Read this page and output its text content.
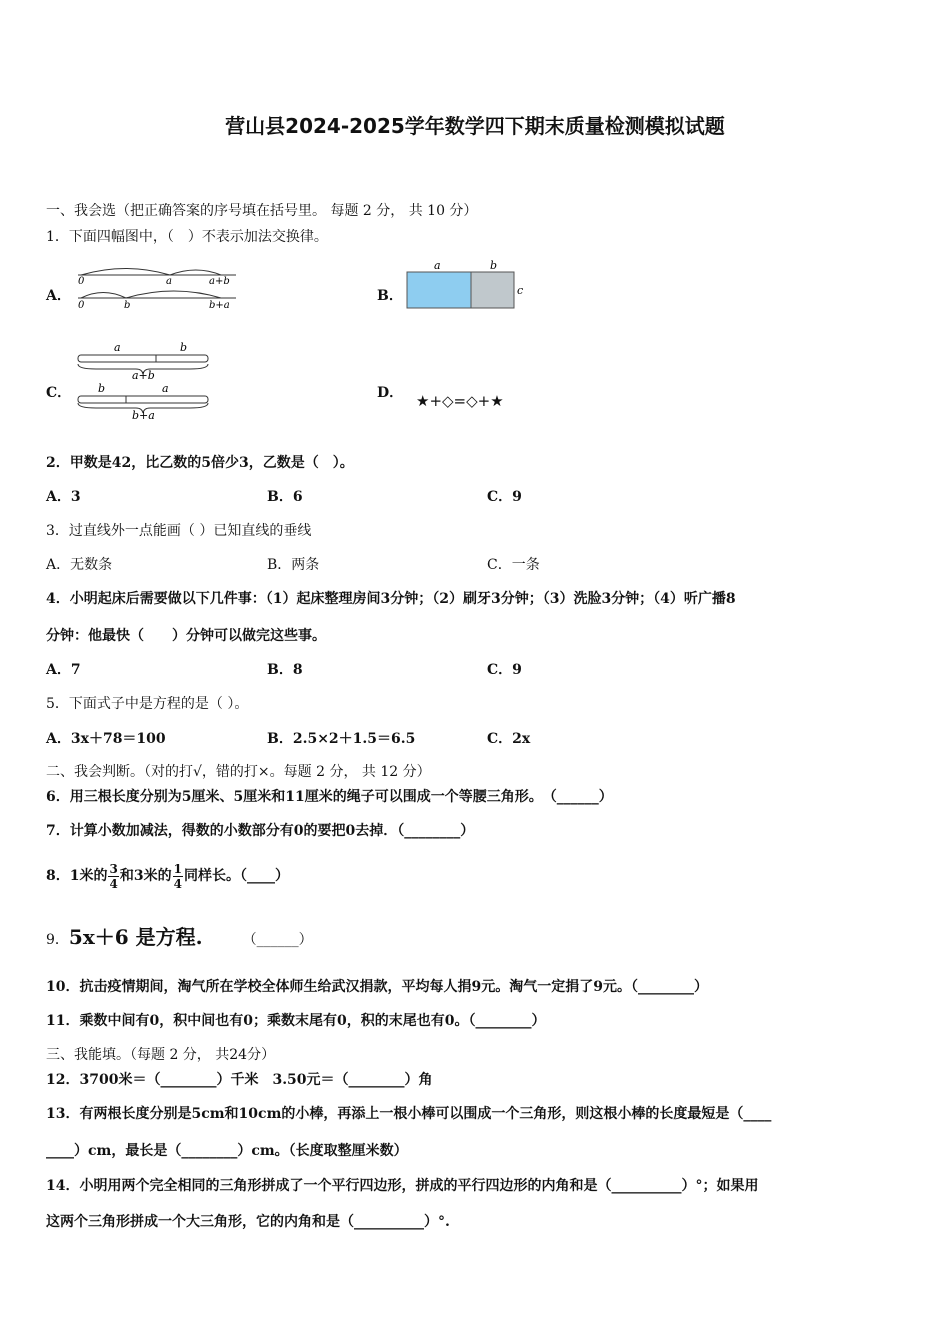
营山县2024-2025学年数学四下期末质量检测模拟试题
一、我会选（把正确答案的序号填在括号里。 每题 2 分， 共 10 分）
1．下面四幅图中，（　）不表示加法交换律。
A．
0	a	a+b
0	b	b+a
B．
a	b
c
C．
a	b
a+b
b	a
b+a
D． ★+◇=◇+★
2．甲数是42，比乙数的5倍少3，乙数是（　）。
A．3	B．6	C．9
3．过直线外一点能画（ ）已知直线的垂线
A．无数条	B．两条	C．一条
4．小明起床后需要做以下几件事：（1）起床整理房间3分钟；（2）刷牙3分钟；（3）洗脸3分钟；（4）听广播8
分钟：他最快（　　）分钟可以做完这些事。
A．7	B．8	C．9
5．下面式子中是方程的是（ ）。
A．3x＋78＝100	B．2.5×2＋1.5＝6.5	C．2x
二、我会判断。（对的打√，错的打×。每题 2 分， 共 12 分）
6．用三根长度分别为5厘米、5厘米和11厘米的绳子可以围成一个等腰三角形。　（______）
7．计算小数加减法，得数的小数部分有0的要把0去掉．（________）
8．1米的 $\frac{3}{4}$ 和3米的 $\frac{1}{4}$ 同样长。（____）
9．5x＋6 是方程.	（______）
10．抗击疫情期间，淘气所在学校全体师生给武汉捐款，平均每人捐9元。淘气一定捐了9元。（________）
11．乘数中间有0，积中间也有0；乘数末尾有0，积的末尾也有0。（________）
三、我能填。（每题 2 分， 共24分）
12．3700米＝（________）千米　3.50元＝（________）角
13．有两根长度分别是5cm和10cm的小棒，再添上一根小棒可以围成一个三角形，则这根小棒的长度最短是（____
____）cm，最长是（________）cm。（长度取整厘米数）
14．小明用两个完全相同的三角形拼成了一个平行四边形，拼成的平行四边形的内角和是（__________）°；如果用
这两个三角形拼成一个大三角形，它的内角和是（__________）°.
